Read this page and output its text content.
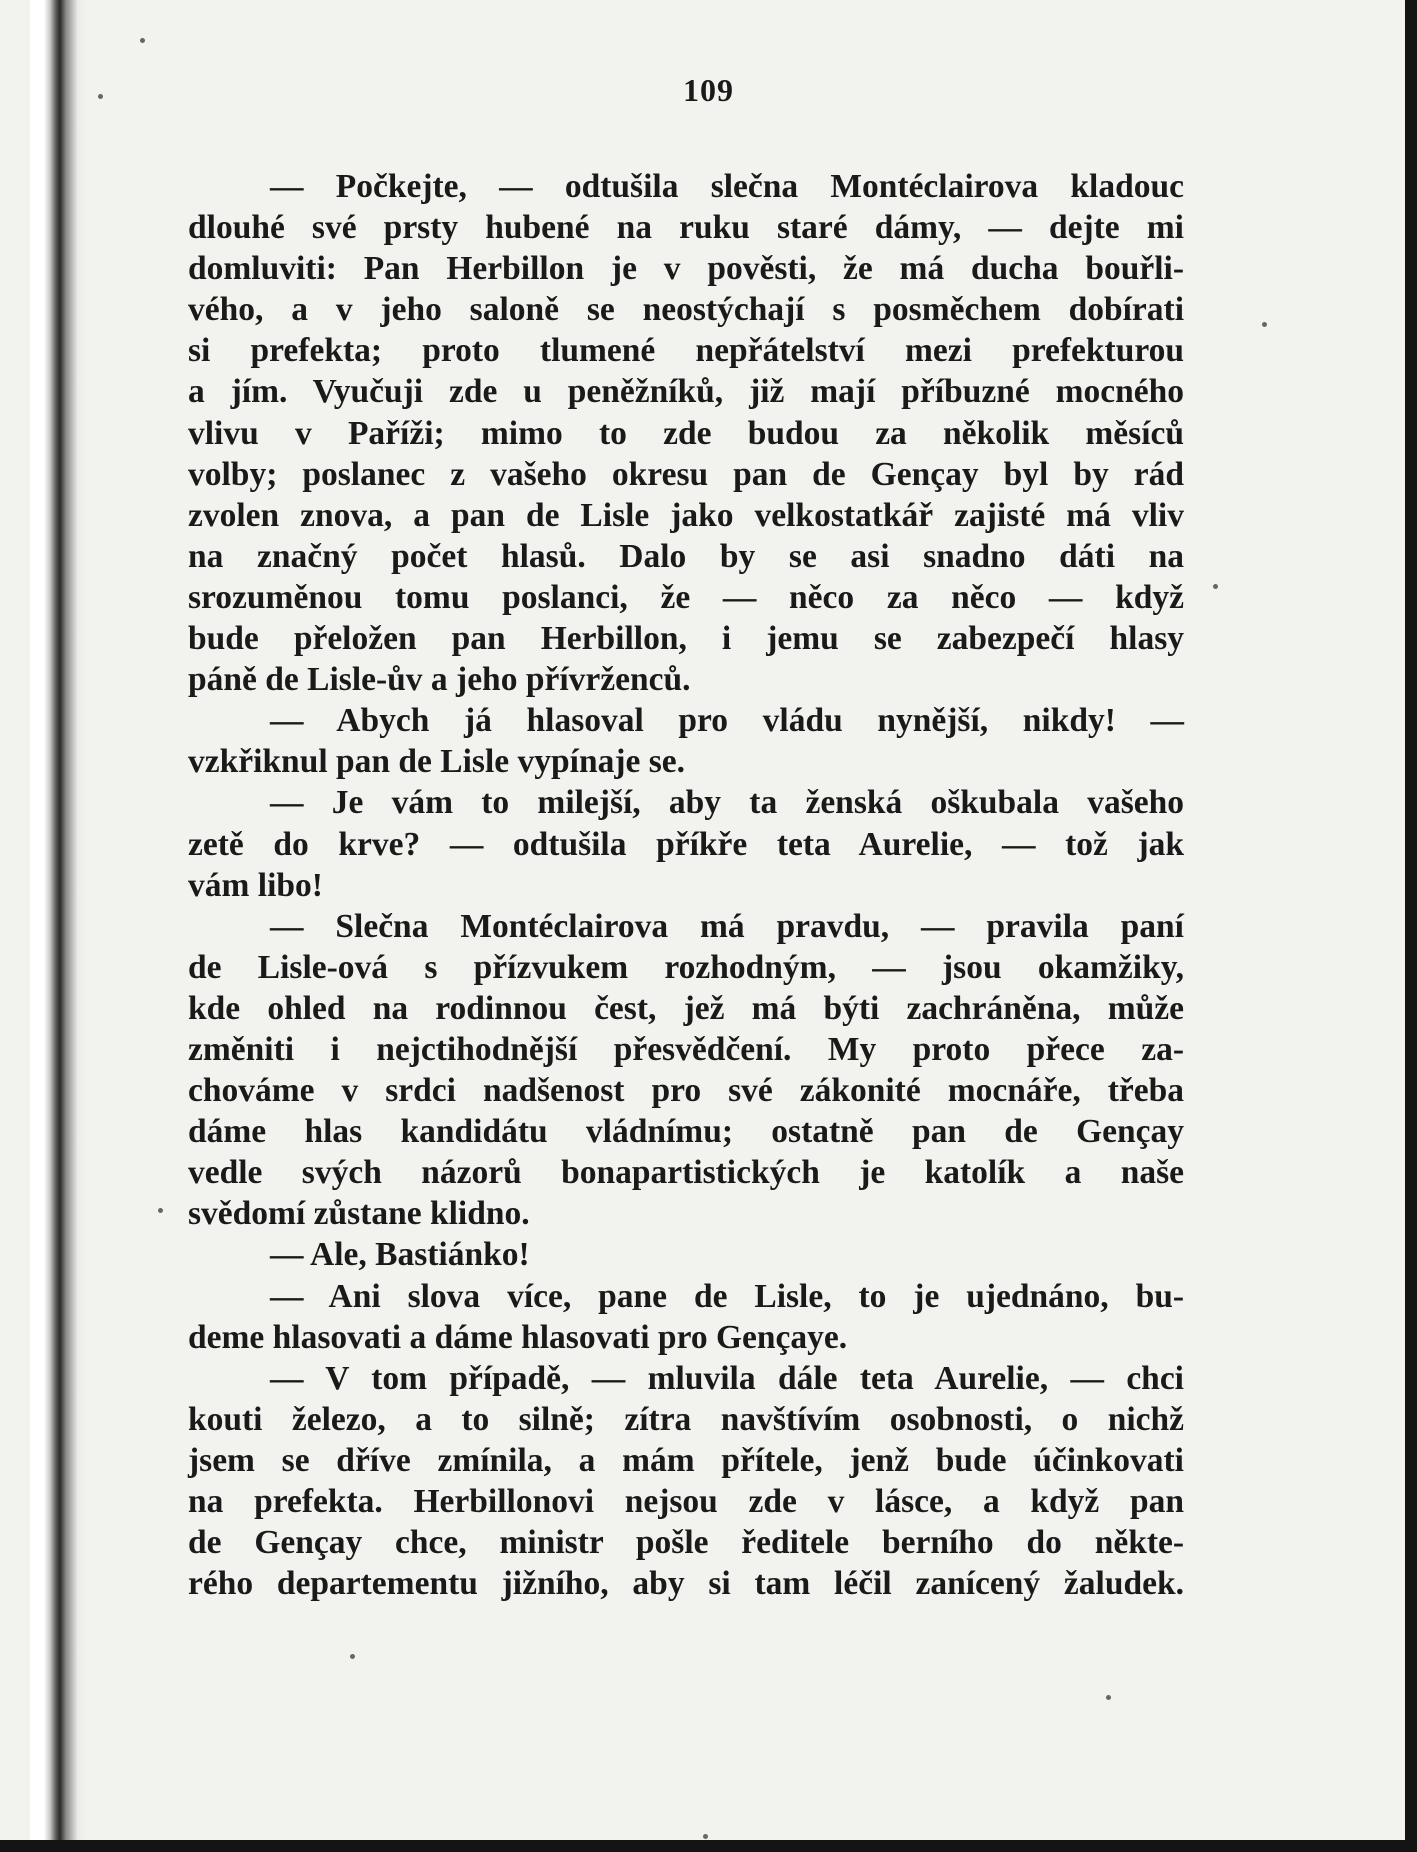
109
— Počkejte, — odtušila slečna Montéclairova kladouc
dlouhé své prsty hubené na ruku staré dámy, — dejte mi
domluviti: Pan Herbillon je v pověsti, že má ducha bouřli-
vého, a v jeho saloně se neostýchají s posměchem dobírati
si prefekta; proto tlumené nepřátelství mezi prefekturou
a jím. Vyučuji zde u peněžníků, již mají příbuzné mocného
vlivu v Paříži; mimo to zde budou za několik měsíců
volby; poslanec z vašeho okresu pan de Gençay byl by rád
zvolen znova, a pan de Lisle jako velkostatkář zajisté má vliv
na značný počet hlasů. Dalo by se asi snadno dáti na
srozuměnou tomu poslanci, že — něco za něco — když
bude přeložen pan Herbillon, i jemu se zabezpečí hlasy
páně de Lisle-ův a jeho přívrženců.
— Abych já hlasoval pro vládu nynější, nikdy! —
vzkřiknul pan de Lisle vypínaje se.
— Je vám to milejší, aby ta ženská oškubala vašeho
zetě do krve? — odtušila příkře teta Aurelie, — tož jak
vám libo!
— Slečna Montéclairova má pravdu, — pravila paní
de Lisle-ová s přízvukem rozhodným, — jsou okamžiky,
kde ohled na rodinnou čest, jež má býti zachráněna, může
změniti i nejctihodnější přesvědčení. My proto přece za-
chováme v srdci nadšenost pro své zákonité mocnáře, třeba
dáme hlas kandidátu vládnímu; ostatně pan de Gençay
vedle svých názorů bonapartistických je katolík a naše
svědomí zůstane klidno.
— Ale, Bastiánko!
— Ani slova více, pane de Lisle, to je ujednáno, bu-
deme hlasovati a dáme hlasovati pro Gençaye.
— V tom případě, — mluvila dále teta Aurelie, — chci
kouti železo, a to silně; zítra navštívím osobnosti, o nichž
jsem se dříve zmínila, a mám přítele, jenž bude účinkovati
na prefekta. Herbillonovi nejsou zde v lásce, a když pan
de Gençay chce, ministr pošle ředitele berního do někte-
rého departementu jižního, aby si tam léčil zanícený žaludek.
